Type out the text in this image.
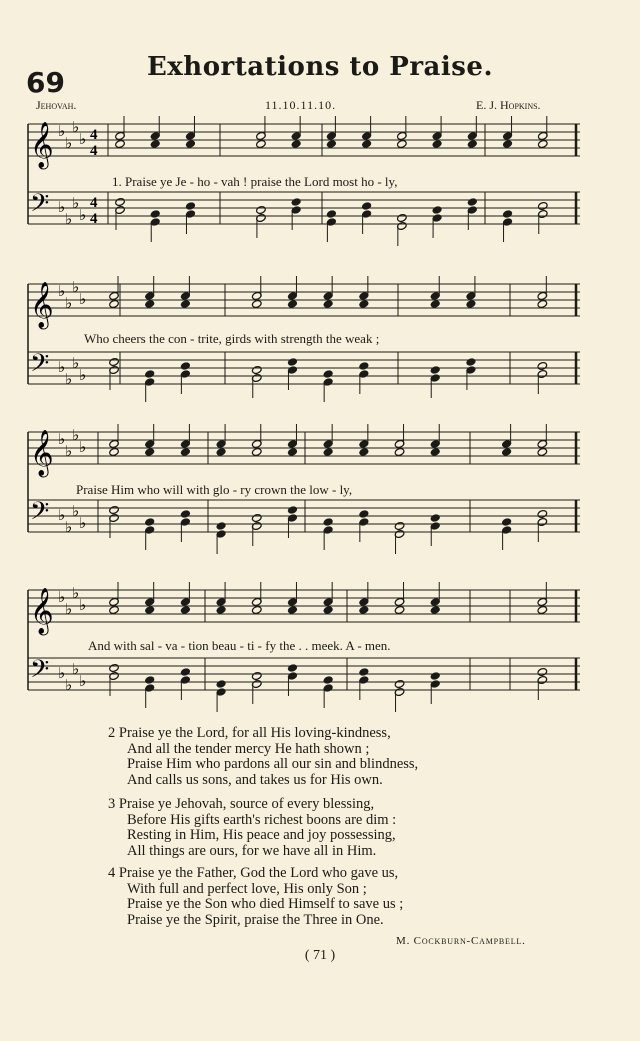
Exhortations to Praise.
69
Jehovah.	11.10.11.10.	E. J. Hopkins.
𝄞 ♭
♭
♭
♭ 4
4
𝄢 ♭
♭
♭
♭
4
4
1. Praise ye Je - ho - vah ! praise the Lord most ho - ly,
𝄞 ♭
♭
♭
♭
𝄢 ♭
♭
♭
♭
Who cheers the con - trite, girds with strength the weak ;
𝄞 ♭
♭
♭
♭
𝄢 ♭
♭
♭
♭
Praise Him who will with glo - ry crown the low - ly,
𝄞 ♭
♭
♭
♭
𝄢 ♭
♭
♭
♭
And with sal - va - tion beau - ti - fy the . . meek. A - men.
2 Praise ye the Lord, for all His loving-kindness,
And all the tender mercy He hath shown ;
Praise Him who pardons all our sin and blindness,
And calls us sons, and takes us for His own.
3 Praise ye Jehovah, source of every blessing,
Before His gifts earth's richest boons are dim :
Resting in Him, His peace and joy possessing,
All things are ours, for we have all in Him.
4 Praise ye the Father, God the Lord who gave us,
With full and perfect love, His only Son ;
Praise ye the Son who died Himself to save us ;
Praise ye the Spirit, praise the Three in One.
M. Cockburn-Campbell.
( 71 )
